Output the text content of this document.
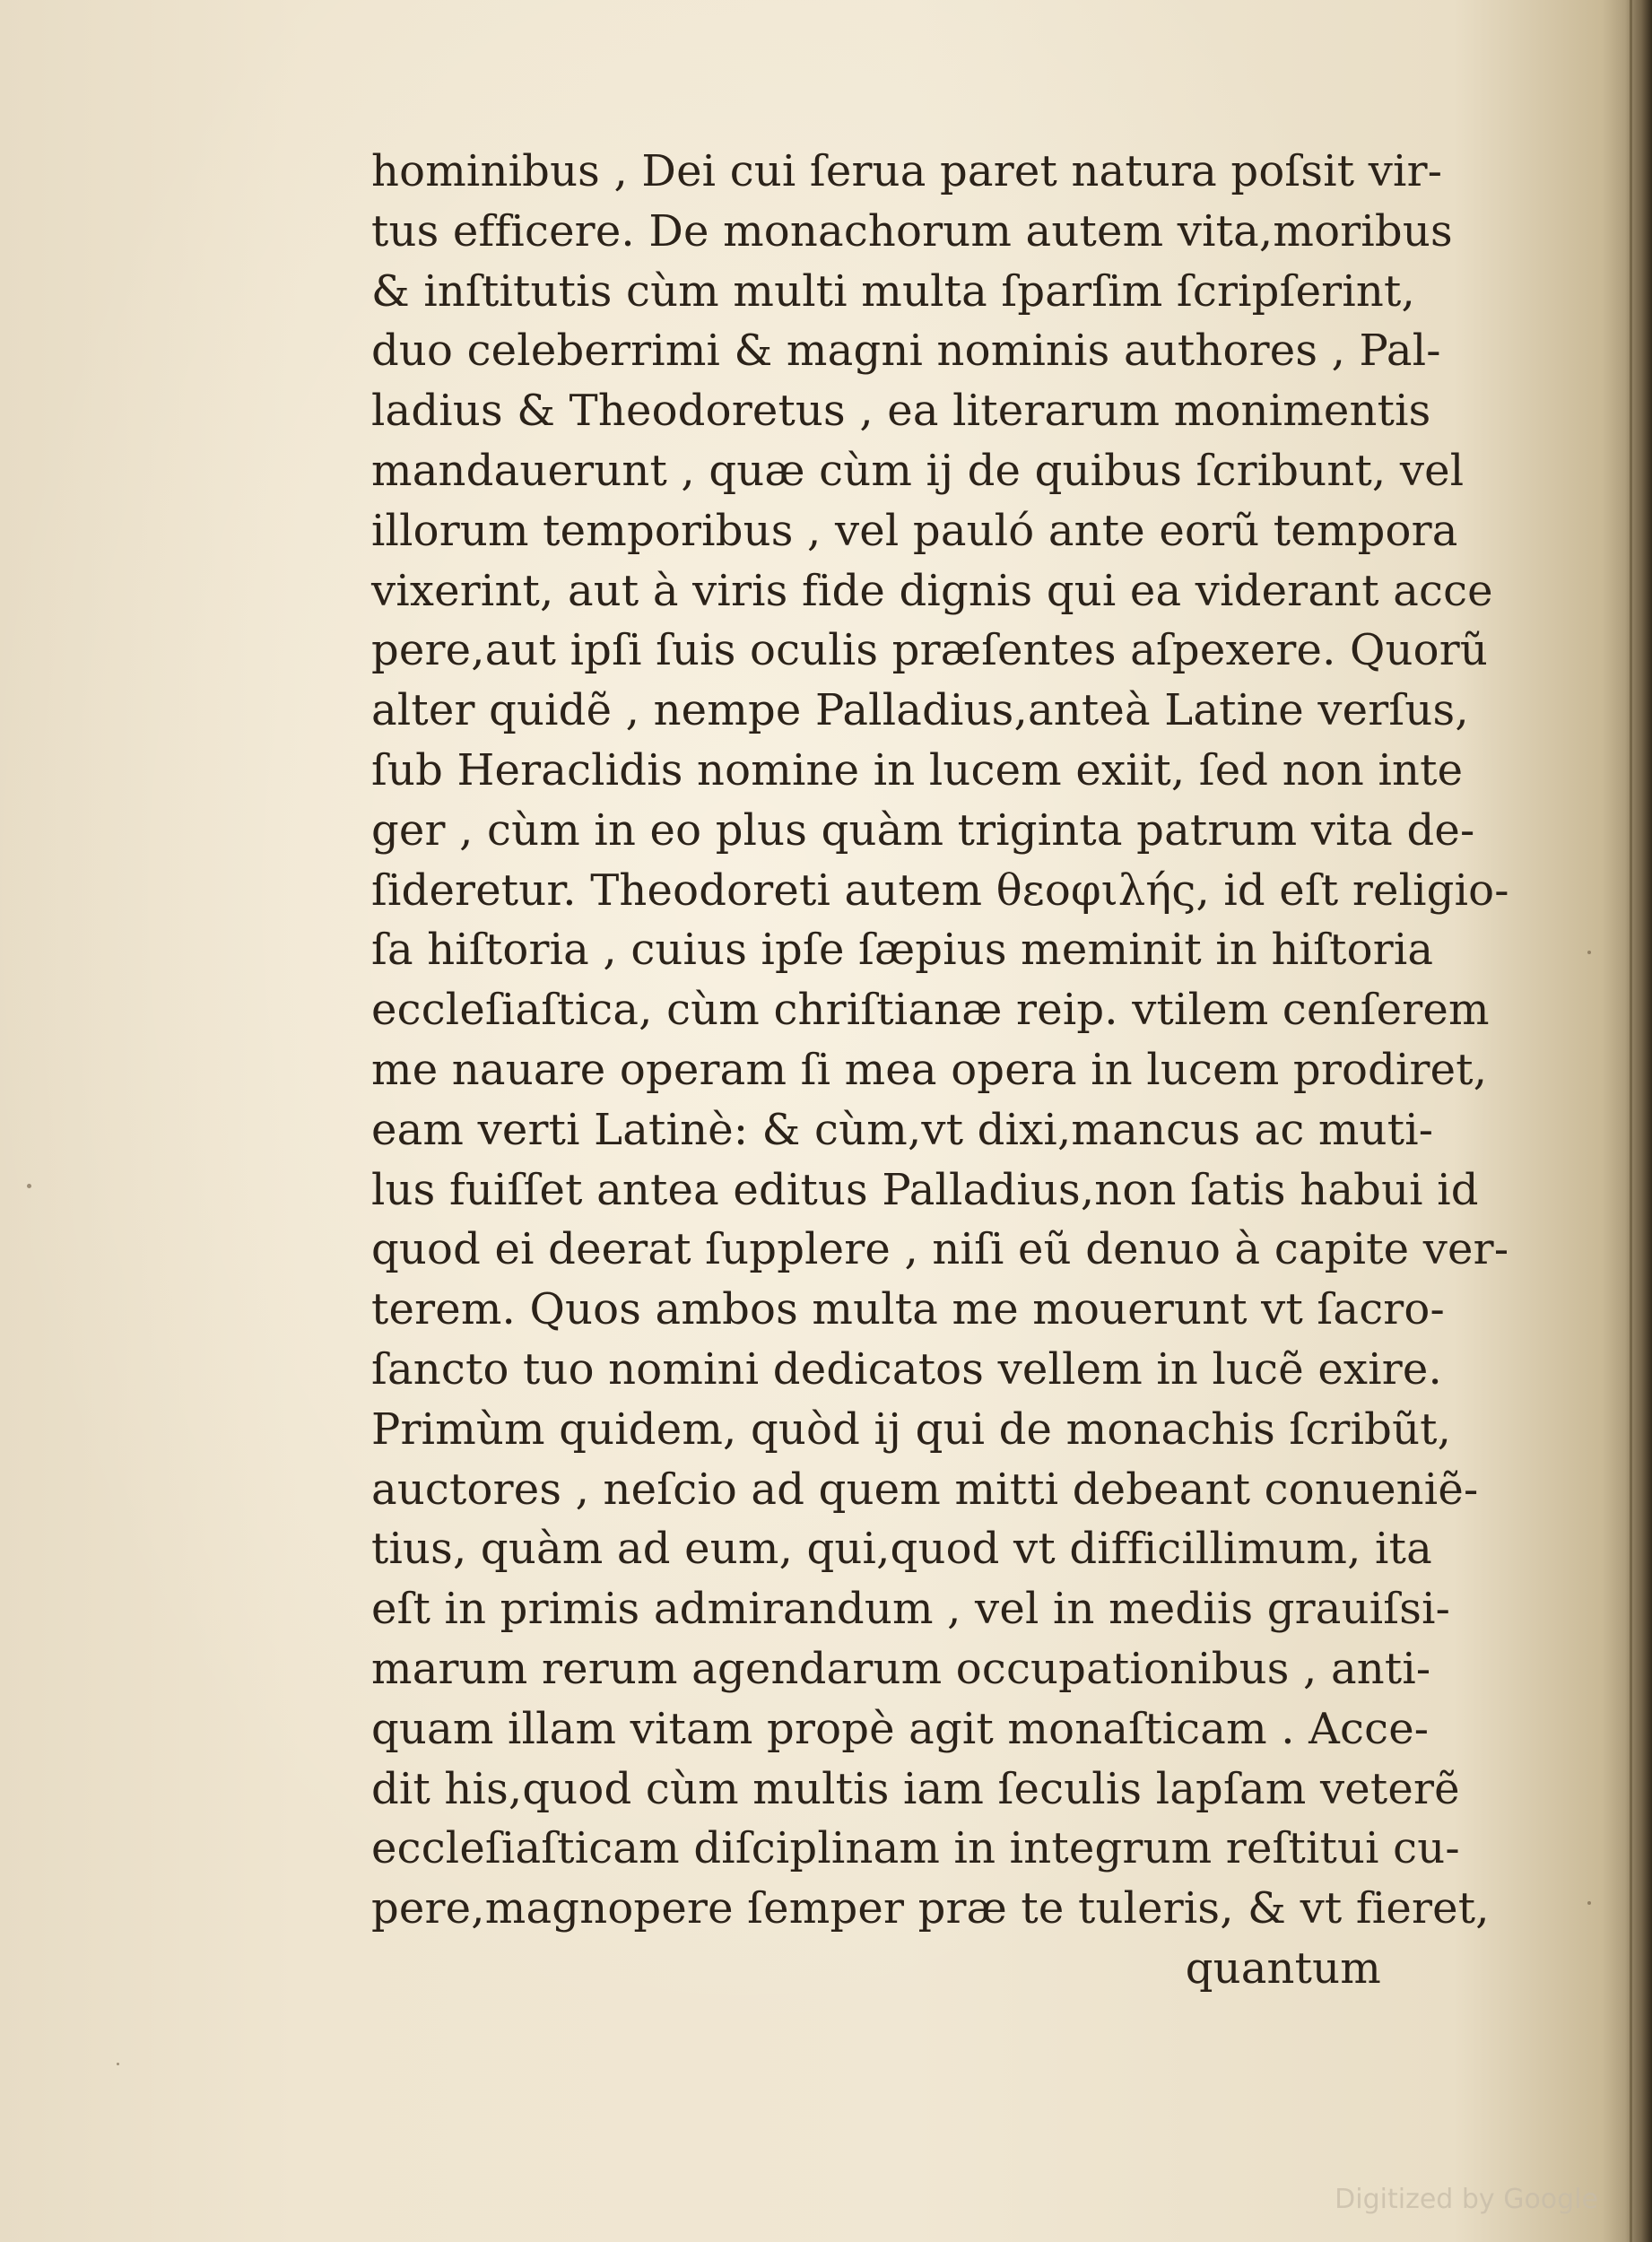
hominibus , Dei cui ſerua paret natura poſsit vir-
tus efficere. De monachorum autem vita,moribus
& inſtitutis cùm multi multa ſparſim ſcripſerint,
duo celeberrimi & magni nominis authores , Pal-
ladius & Theodoretus , ea literarum monimentis
mandauerunt , quæ cùm ij de quibus ſcribunt, vel
illorum temporibus , vel pauló ante eorũ tempora
vixerint, aut à viris fide dignis qui ea viderant acce
pere,aut ipſi ſuis oculis præſentes aſpexere. Quorũ
alter quidẽ , nempe Palladius,anteà Latine verſus,
ſub Heraclidis nomine in lucem exiit, ſed non inte
ger , cùm in eo plus quàm triginta patrum vita de-
ſideretur. Theodoreti autem θεοφιλής, id eſt religio-
ſa hiſtoria , cuius ipſe ſæpius meminit in hiſtoria
eccleſiaſtica, cùm chriſtianæ reip. vtilem cenſerem
me nauare operam ſi mea opera in lucem prodiret,
eam verti Latinè: & cùm,vt dixi,mancus ac muti-
lus fuiſſet antea editus Palladius,non ſatis habui id
quod ei deerat ſupplere , niſi eũ denuo à capite ver-
terem. Quos ambos multa me mouerunt vt ſacro-
ſancto tuo nomini dedicatos vellem in lucẽ exire.
Primùm quidem, quòd ij qui de monachis ſcribũt,
auctores , neſcio ad quem mitti debeant conueniẽ-
tius, quàm ad eum, qui,quod vt difficillimum, ita
eſt in primis admirandum , vel in mediis grauiſsi-
marum rerum agendarum occupationibus , anti-
quam illam vitam propè agit monaſticam . Acce-
dit his,quod cùm multis iam ſeculis lapſam veterẽ
eccleſiaſticam diſciplinam in integrum reſtitui cu-
pere,magnopere ſemper præ te tuleris, & vt fieret,
quantum
Digitized by Google
